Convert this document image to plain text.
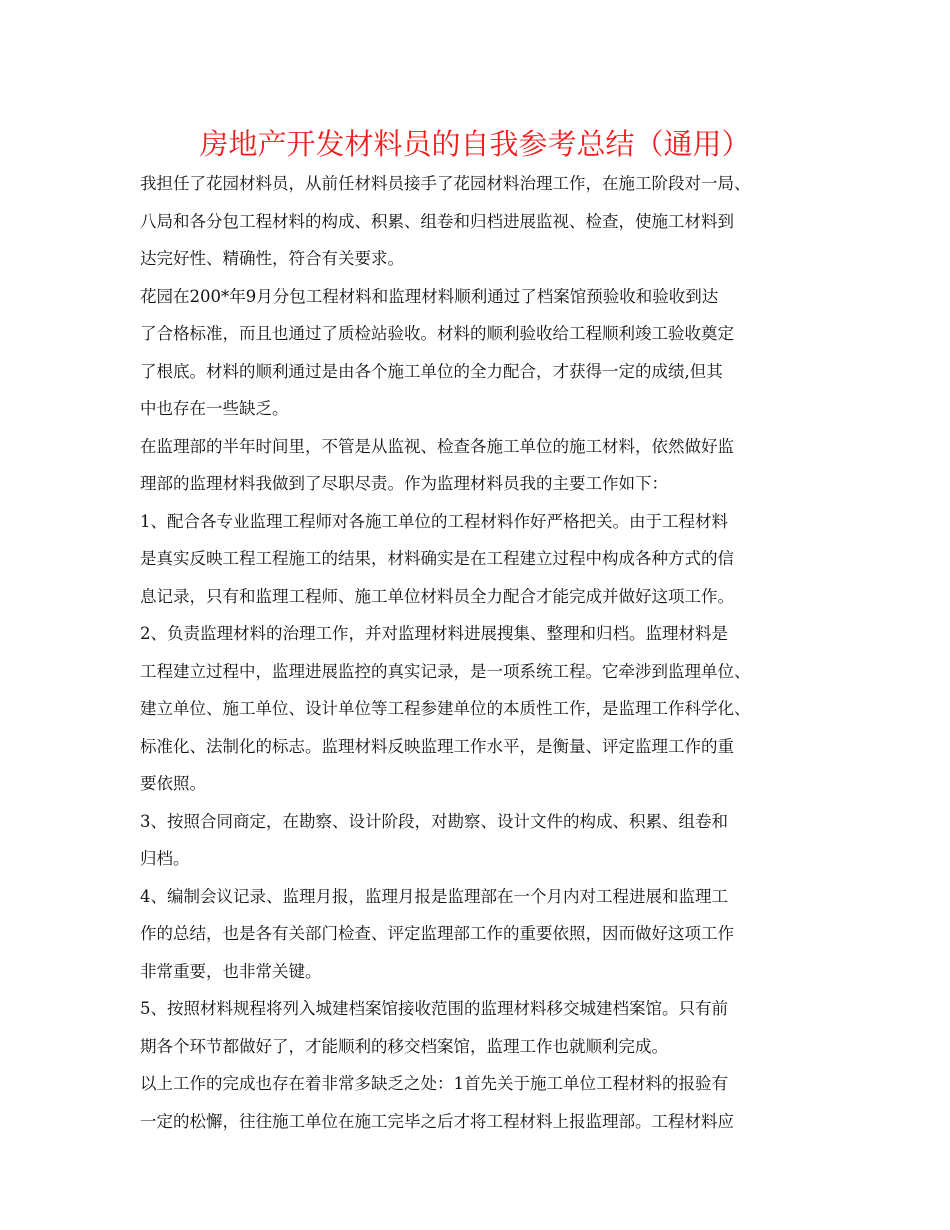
房地产开发材料员的自我参考总结（通用）
我担任了花园材料员，从前任材料员接手了花园材料治理工作，在施工阶段对一局、
八局和各分包工程材料的构成、积累、组卷和归档进展监视、检查，使施工材料到
达完好性、精确性，符合有关要求。
花园在200*年9月分包工程材料和监理材料顺利通过了档案馆预验收和验收到达
了合格标准，而且也通过了质检站验收。材料的顺利验收给工程顺利竣工验收奠定
了根底。材料的顺利通过是由各个施工单位的全力配合，才获得一定的成绩,但其
中也存在一些缺乏。
在监理部的半年时间里，不管是从监视、检查各施工单位的施工材料，依然做好监
理部的监理材料我做到了尽职尽责。作为监理材料员我的主要工作如下：
1、配合各专业监理工程师对各施工单位的工程材料作好严格把关。由于工程材料
是真实反映工程工程施工的结果，材料确实是在工程建立过程中构成各种方式的信
息记录，只有和监理工程师、施工单位材料员全力配合才能完成并做好这项工作。
2、负责监理材料的治理工作，并对监理材料进展搜集、整理和归档。监理材料是
工程建立过程中，监理进展监控的真实记录，是一项系统工程。它牵涉到监理单位、
建立单位、施工单位、设计单位等工程参建单位的本质性工作，是监理工作科学化、
标准化、法制化的标志。监理材料反映监理工作水平，是衡量、评定监理工作的重
要依照。
3、按照合同商定，在勘察、设计阶段，对勘察、设计文件的构成、积累、组卷和
归档。
4、编制会议记录、监理月报，监理月报是监理部在一个月内对工程进展和监理工
作的总结，也是各有关部门检查、评定监理部工作的重要依照，因而做好这项工作
非常重要，也非常关键。
5、按照材料规程将列入城建档案馆接收范围的监理材料移交城建档案馆。只有前
期各个环节都做好了，才能顺利的移交档案馆，监理工作也就顺利完成。
以上工作的完成也存在着非常多缺乏之处：1首先关于施工单位工程材料的报验有
一定的松懈，往往施工单位在施工完毕之后才将工程材料上报监理部。工程材料应
